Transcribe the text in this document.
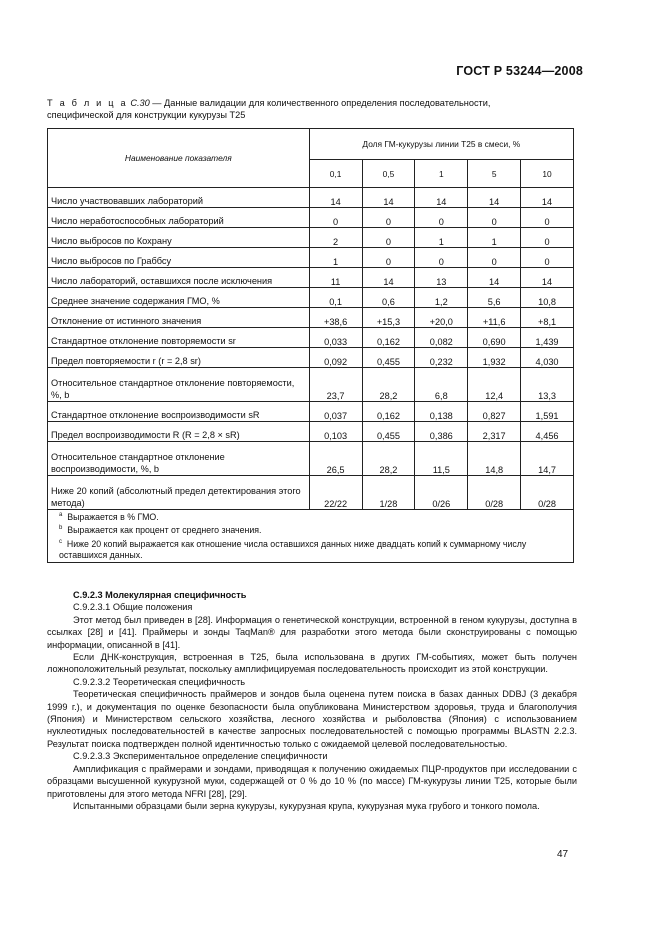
ГОСТ Р 53244—2008
Т а б л и ц а С.30 — Данные валидации для количественного определения последовательности,
специфической для конструкции кукурузы Т25
Наименование показателя	Доля ГМ-кукурузы линии Т25 в смеси, %				
	0,1	0,5	1	5	10
Число участвовавших лабораторий	14	14	14	14	14
Число неработоспособных лабораторий	0	0	0	0	0
Число выбросов по Кохрану	2	0	1	1	0
Число выбросов по Граббсу	1	0	0	0	0
Число лабораторий, оставшихся после исключения	11	14	13	14	14
Среднее значение содержания ГМО, %	0,1	0,6	1,2	5,6	10,8
Отклонение от истинного значения	+38,6	+15,3	+20,0	+11,6	+8,1
Стандартное отклонение повторяемости sr	0,033	0,162	0,082	0,690	1,439
Предел повторяемости r (r = 2,8 sr)	0,092	0,455	0,232	1,932	4,030
Относительное стандартное отклонение повторяемости, %, b	23,7	28,2	6,8	12,4	13,3
Стандартное отклонение воспроизводимости sR	0,037	0,162	0,138	0,827	1,591
Предел воспроизводимости R (R = 2,8 × sR)	0,103	0,455	0,386	2,317	4,456
Относительное стандартное отклонение воспроизводимости, %, b	26,5	28,2	11,5	14,8	14,7
Ниже 20 копий (абсолютный предел детектирования этого метода)	22/22	1/28	0/26	0/28	0/28

$^a$ Выражается в % ГМО.
$^b$ Выражается как процент от среднего значения.
$^c$ Ниже 20 копий выражается как отношение числа оставшихся данных ниже двадцать копий к суммарному числу оставшихся данных.					

С.9.2.3 Молекулярная специфичность

С.9.2.3.1 Общие положения

Этот метод был приведен в [28]. Информация о генетической конструкции, встроенной в геном кукурузы, доступна в ссылках [28] и [41]. Праймеры и зонды TaqMan® для разработки этого метода были сконструированы с помощью информации, описанной в [41].

Если ДНК-конструкция, встроенная в Т25, была использована в других ГМ-событиях, может быть получен ложноположительный результат, поскольку амплифицируемая последовательность происходит из этой конструкции.

С.9.2.3.2 Теоретическая специфичность

Теоретическая специфичность праймеров и зондов была оценена путем поиска в базах данных DDBJ (3 декабря 1999 г.), и документация по оценке безопасности была опубликована Министерством здоровья, труда и благополучия (Япония) и Министерством сельского хозяйства, лесного хозяйства и рыболовства (Япония) с использованием нуклеотидных последовательностей в качестве запросных последовательностей с помощью программы BLASTN 2.2.3. Результат поиска подтвержден полной идентичностью только с ожидаемой целевой последовательностью.

С.9.2.3.3 Экспериментальное определение специфичности

Амплификация с праймерами и зондами, приводящая к получению ожидаемых ПЦР-продуктов при исследовании с образцами высушенной кукурузной муки, содержащей от 0 % до 10 % (по массе) ГМ-кукурузы линии Т25, которые были приготовлены для этого метода NFRI [28], [29].

Испытанными образцами были зерна кукурузы, кукурузная крупа, кукурузная мука грубого и тонкого помола.

47
